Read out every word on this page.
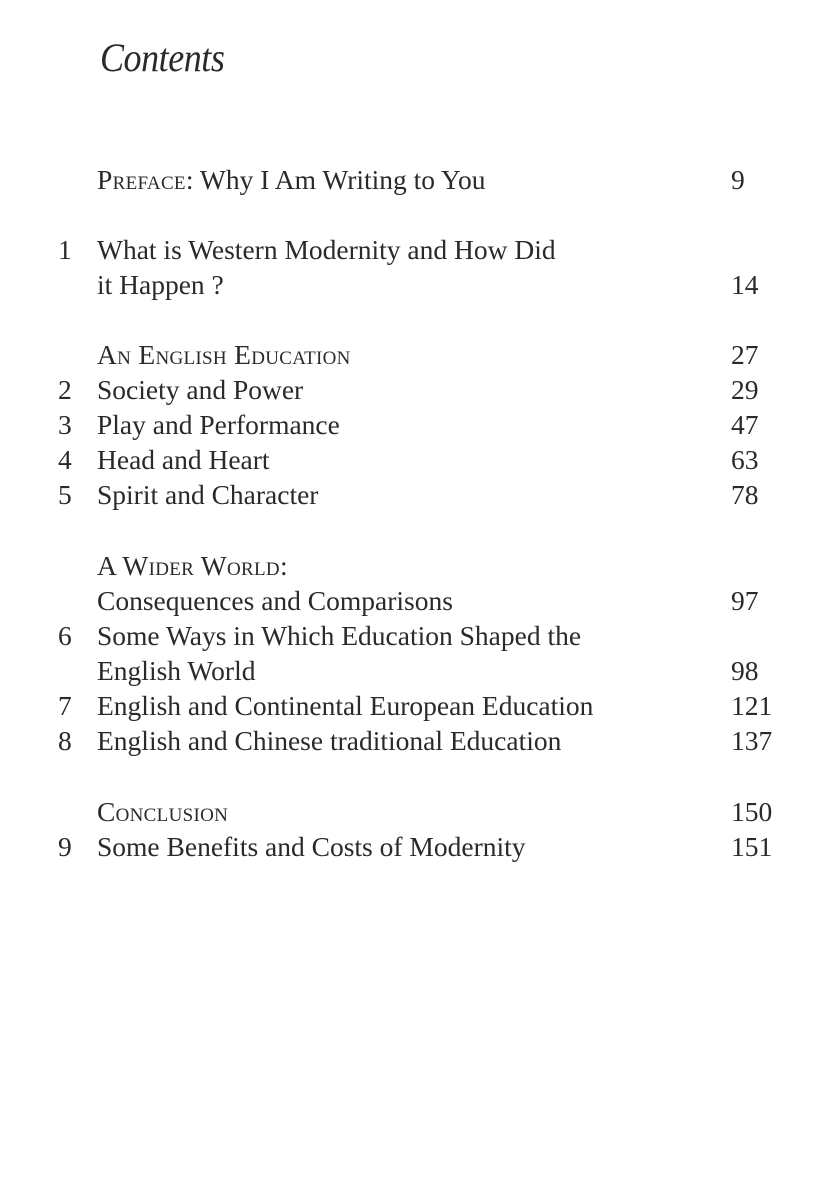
Contents
Preface: Why I Am Writing to You	9
1 What is Western Modernity and How Did
it Happen ?	14
An English Education	27
2 Society and Power	29
3 Play and Performance	47
4 Head and Heart	63
5 Spirit and Character	78
A Wider World:
Consequences and Comparisons	97
6 Some Ways in Which Education Shaped the
English World	98
7 English and Continental European Education	121
8 English and Chinese traditional Education	137
Conclusion	150
9 Some Benefits and Costs of Modernity	151
